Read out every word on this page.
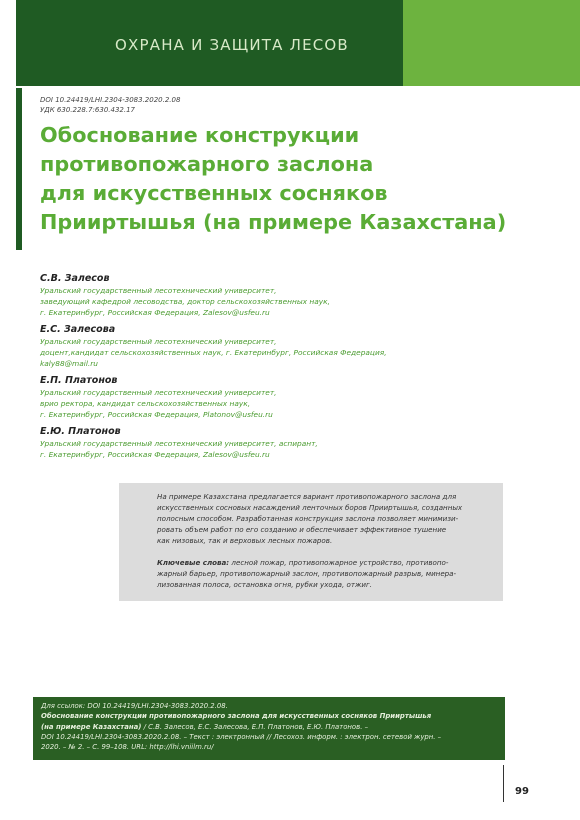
ОХРАНА И ЗАЩИТА ЛЕСОВ
DOI 10.24419/LHI.2304-3083.2020.2.08
УДК 630.228.7:630.432.17
Обоснование конструкции
противопожарного заслона
для искусственных сосняков
Прииртышья (на примере Казахстана)
С.В. Залесов
Уральский государственный лесотехнический университет,
заведующий кафедрой лесоводства, доктор сельскохозяйственных наук,
г. Екатеринбург, Российская Федерация, Zalesov@usfeu.ru
Е.С. Залесова
Уральский государственный лесотехнический университет,
доцент,кандидат сельскохозяйственных наук, г. Екатеринбург, Российская Федерация,
kaly88@mail.ru
Е.П. Платонов
Уральский государственный лесотехнический университет,
врио ректора, кандидат сельскохозяйственных наук,
г. Екатеринбург, Российская Федерация, Platonov@usfeu.ru
Е.Ю. Платонов
Уральский государственный лесотехнический университет, аспирант,
г. Екатеринбург, Российская Федерация, Zalesov@usfeu.ru
На примере Казахстана предлагается вариант противопожарного заслона для
искусственных сосновых насаждений ленточных боров Прииртышья, созданных
полосным способом. Разработанная конструкция заслона позволяет минимизи-
ровать объем работ по его созданию и обеспечивает эффективное тушение
как низовых, так и верховых лесных пожаров.
Ключевые слова: лесной пожар, противопожарное устройство, противопо-
жарный барьер, противопожарный заслон, противопожарный разрыв, минера-
лизованная полоса, остановка огня, рубки ухода, отжиг.
Для ссылок: DOI 10.24419/LHI.2304-3083.2020.2.08.
Обоснование конструкции противопожарного заслона для искусственных сосняков Прииртышья
(на примере Казахстана) / С.В. Залесов, Е.С. Залесова, Е.П. Платонов, Е.Ю. Платонов. –
DOI 10.24419/LHI.2304-3083.2020.2.08. – Текст : электронный // Лесохоз. информ. : электрон. сетевой журн. –
2020. – № 2. – С. 99–108. URL: http://lhi.vniilm.ru/
99
